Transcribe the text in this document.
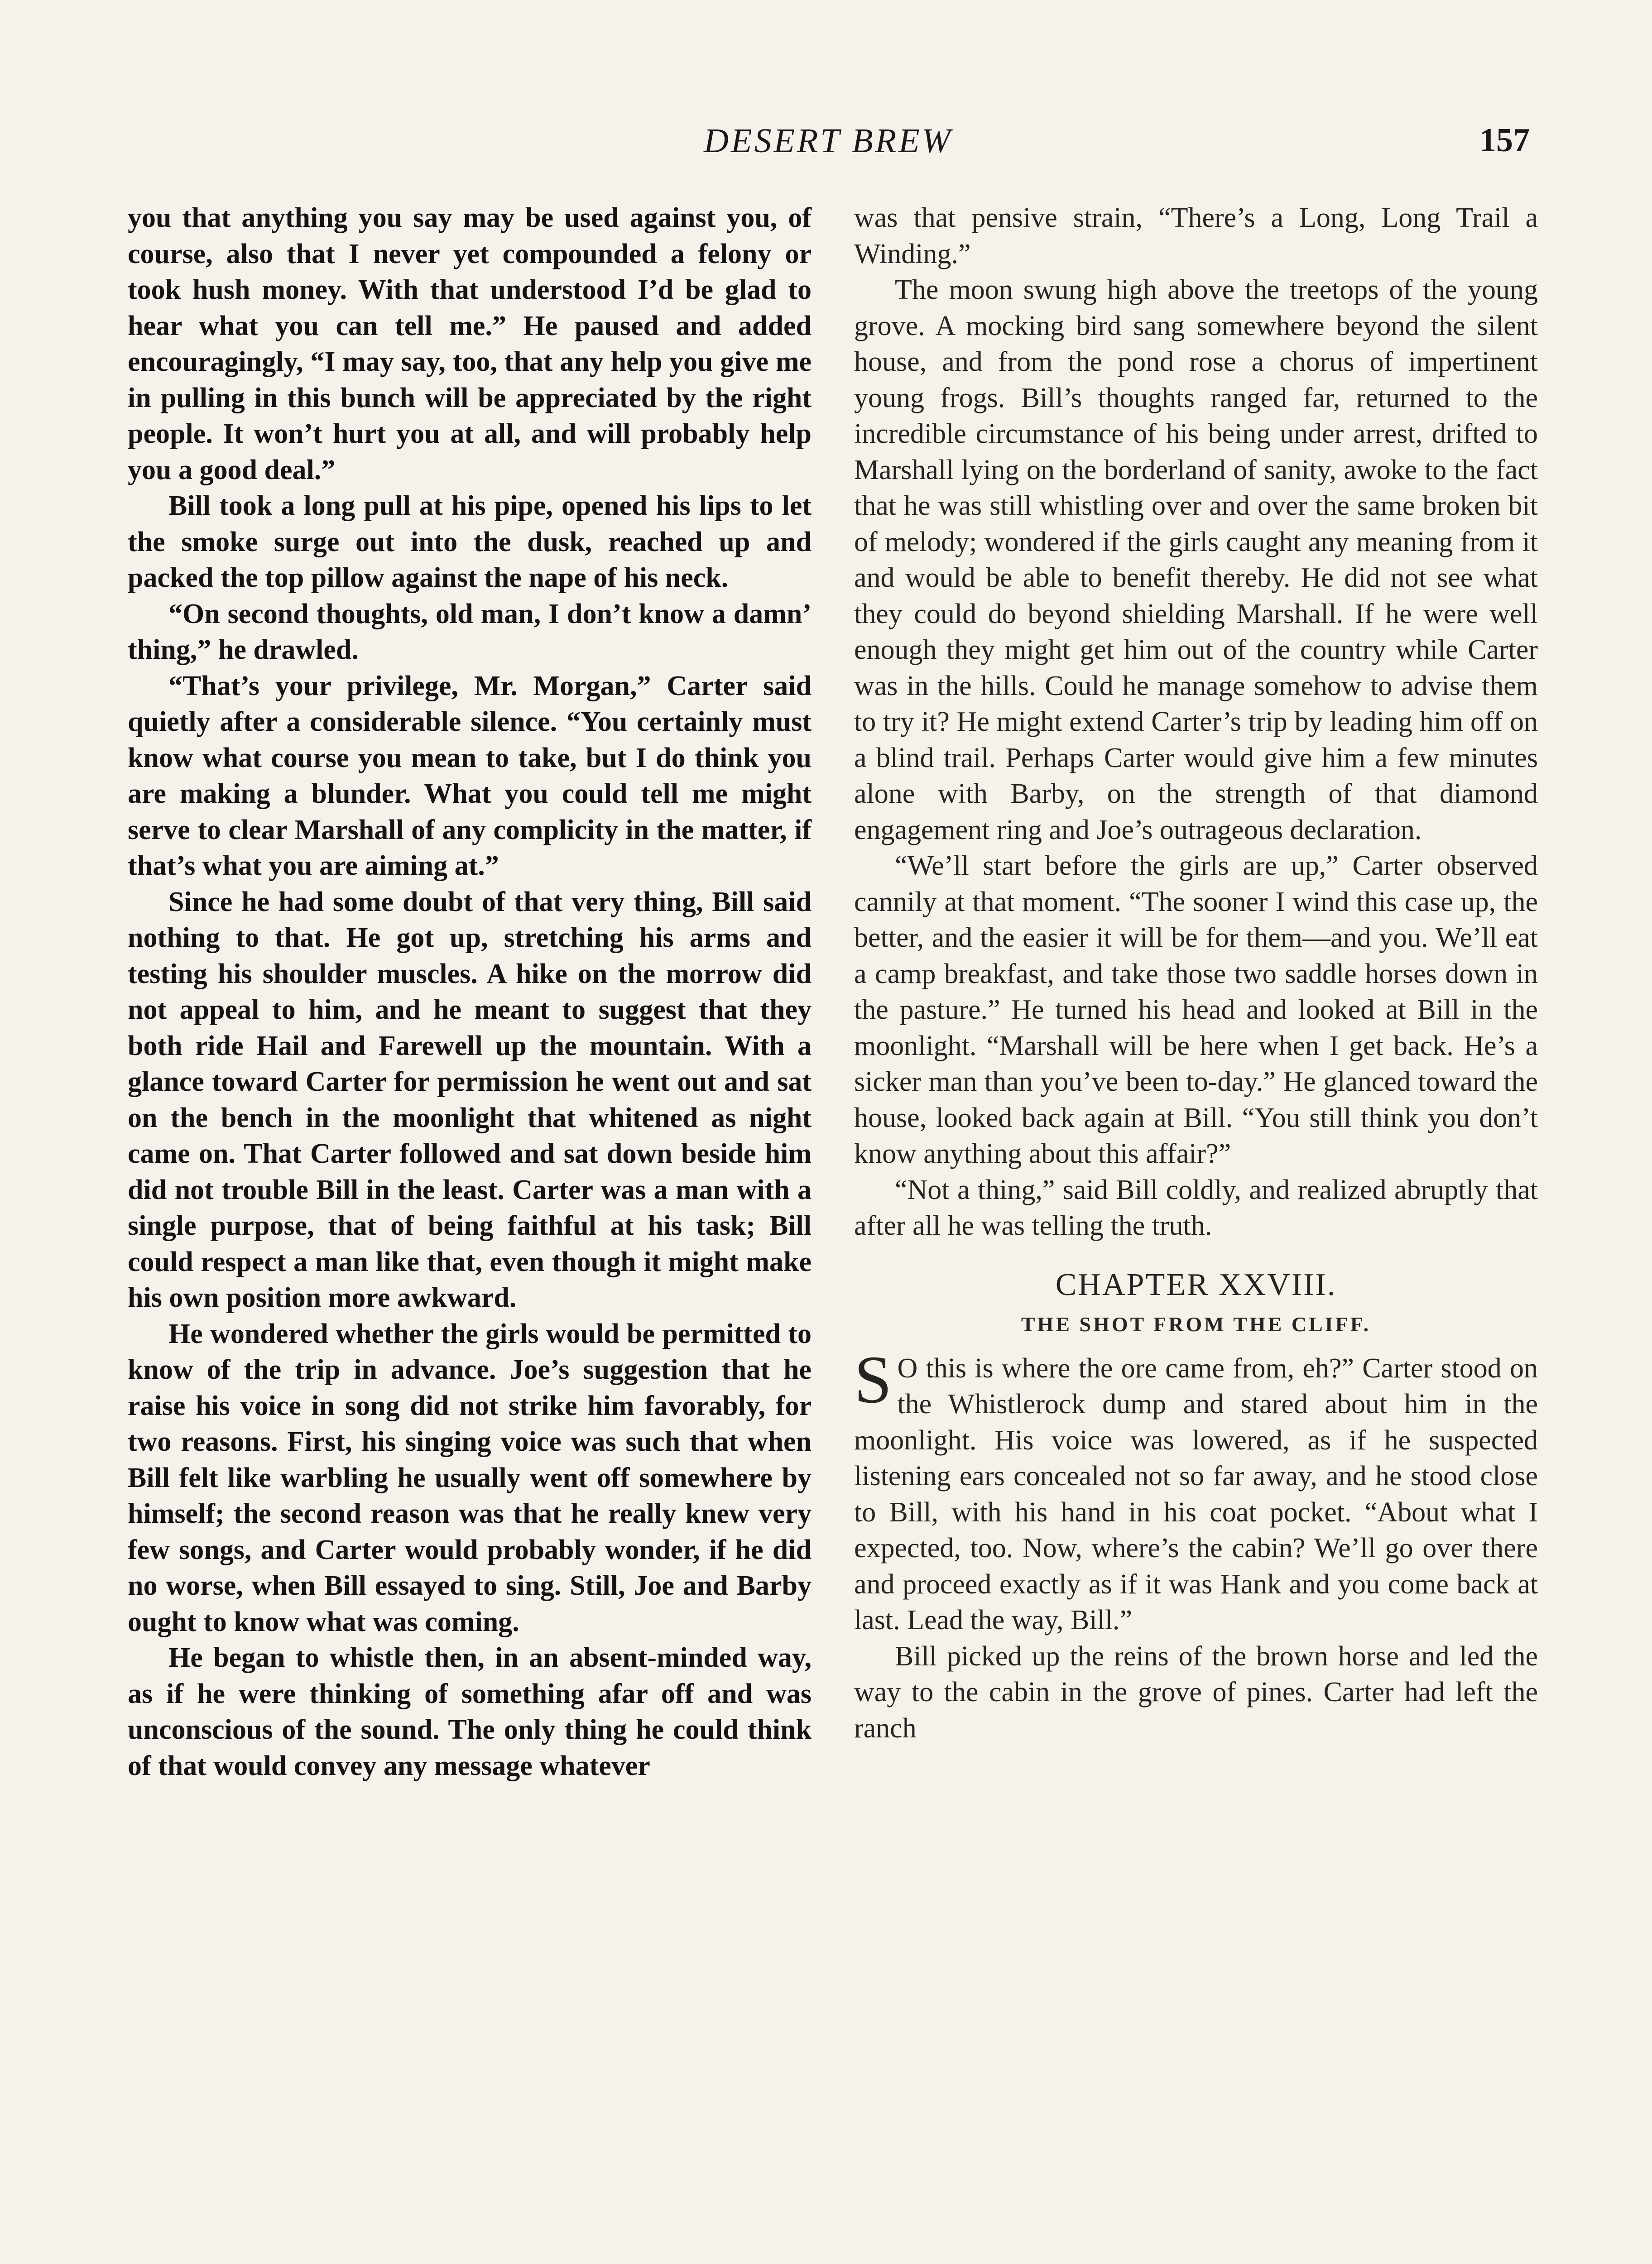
DESERT BREW	157

you that anything you say may be used against you, of course, also that I never yet compounded a felony or took hush money. With that understood I’d be glad to hear what you can tell me.” He paused and added encouragingly, “I may say, too, that any help you give me in pulling in this bunch will be appreciated by the right people. It won’t hurt you at all, and will probably help you a good deal.”

Bill took a long pull at his pipe, opened his lips to let the smoke surge out into the dusk, reached up and packed the top pillow against the nape of his neck.

“On second thoughts, old man, I don’t know a damn’ thing,” he drawled.

“That’s your privilege, Mr. Morgan,” Carter said quietly after a considerable silence. “You certainly must know what course you mean to take, but I do think you are making a blunder. What you could tell me might serve to clear Marshall of any complicity in the matter, if that’s what you are aiming at.”

Since he had some doubt of that very thing, Bill said nothing to that. He got up, stretching his arms and testing his shoulder muscles. A hike on the morrow did not appeal to him, and he meant to suggest that they both ride Hail and Farewell up the mountain. With a glance toward Carter for permission he went out and sat on the bench in the moonlight that whitened as night came on. That Carter followed and sat down beside him did not trouble Bill in the least. Carter was a man with a single purpose, that of being faithful at his task; Bill could respect a man like that, even though it might make his own position more awkward.

He wondered whether the girls would be permitted to know of the trip in advance. Joe’s suggestion that he raise his voice in song did not strike him favorably, for two reasons. First, his singing voice was such that when Bill felt like warbling he usually went off somewhere by himself; the second reason was that he really knew very few songs, and Carter would probably wonder, if he did no worse, when Bill essayed to sing. Still, Joe and Barby ought to know what was coming.

He began to whistle then, in an absent-minded way, as if he were thinking of something afar off and was unconscious of the sound. The only thing he could think of that would convey any message whatever

was that pensive strain, “There’s a Long, Long Trail a Winding.”

The moon swung high above the treetops of the young grove. A mocking bird sang somewhere beyond the silent house, and from the pond rose a chorus of impertinent young frogs. Bill’s thoughts ranged far, returned to the incredible circumstance of his being under arrest, drifted to Marshall lying on the borderland of sanity, awoke to the fact that he was still whistling over and over the same broken bit of melody; wondered if the girls caught any meaning from it and would be able to benefit thereby. He did not see what they could do beyond shielding Marshall. If he were well enough they might get him out of the country while Carter was in the hills. Could he manage somehow to advise them to try it? He might extend Carter’s trip by leading him off on a blind trail. Perhaps Carter would give him a few minutes alone with Barby, on the strength of that diamond engagement ring and Joe’s outrageous declaration.

“We’ll start before the girls are up,” Carter observed cannily at that moment. “The sooner I wind this case up, the better, and the easier it will be for them—and you. We’ll eat a camp breakfast, and take those two saddle horses down in the pasture.” He turned his head and looked at Bill in the moonlight. “Marshall will be here when I get back. He’s a sicker man than you’ve been to-day.” He glanced toward the house, looked back again at Bill. “You still think you don’t know anything about this affair?”

“Not a thing,” said Bill coldly, and realized abruptly that after all he was telling the truth.

CHAPTER XXVIII.
THE SHOT FROM THE CLIFF.

S O this is where the ore came from, eh?” Carter stood on the Whistlerock dump and stared about him in the moonlight. His voice was lowered, as if he suspected listening ears concealed not so far away, and he stood close to Bill, with his hand in his coat pocket. “About what I expected, too. Now, where’s the cabin? We’ll go over there and proceed exactly as if it was Hank and you come back at last. Lead the way, Bill.”

Bill picked up the reins of the brown horse and led the way to the cabin in the grove of pines. Carter had left the ranch
